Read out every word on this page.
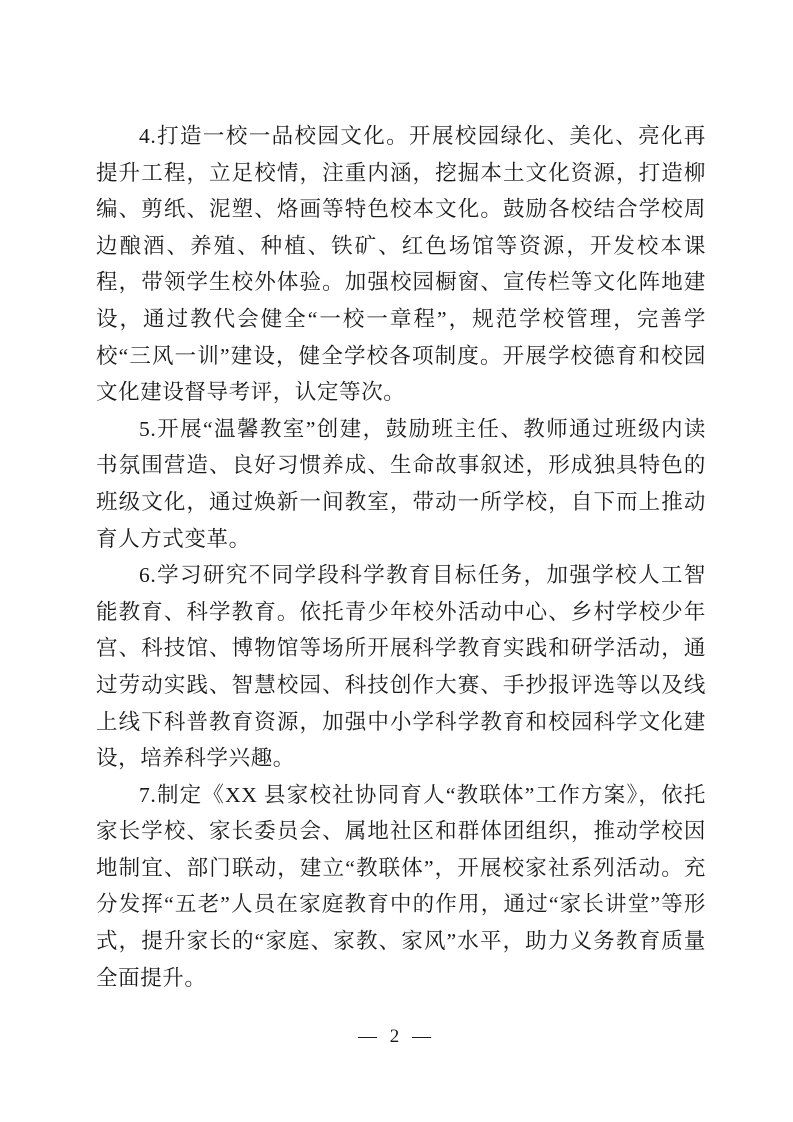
4.打造一校一品校园文化。开展校园绿化、美化、亮化再提升工程，立足校情，注重内涵，挖掘本土文化资源，打造柳编、剪纸、泥塑、烙画等特色校本文化。鼓励各校结合学校周边酿酒、养殖、种植、铁矿、红色场馆等资源，开发校本课程，带领学生校外体验。加强校园橱窗、宣传栏等文化阵地建设，通过教代会健全“一校一章程”，规范学校管理，完善学校“三风一训”建设，健全学校各项制度。开展学校德育和校园文化建设督导考评，认定等次。

5.开展“温馨教室”创建，鼓励班主任、教师通过班级内读书氛围营造、良好习惯养成、生命故事叙述，形成独具特色的班级文化，通过焕新一间教室，带动一所学校，自下而上推动育人方式变革。

6.学习研究不同学段科学教育目标任务，加强学校人工智能教育、科学教育。依托青少年校外活动中心、乡村学校少年宫、科技馆、博物馆等场所开展科学教育实践和研学活动，通过劳动实践、智慧校园、科技创作大赛、手抄报评选等以及线上线下科普教育资源，加强中小学科学教育和校园科学文化建设，培养科学兴趣。

7.制定《XX 县家校社协同育人“教联体”工作方案》，依托家长学校、家长委员会、属地社区和群体团组织，推动学校因地制宜、部门联动，建立“教联体”，开展校家社系列活动。充分发挥“五老”人员在家庭教育中的作用，通过“家长讲堂”等形式，提升家长的“家庭、家教、家风”水平，助力义务教育质量全面提升。

— 2 —
